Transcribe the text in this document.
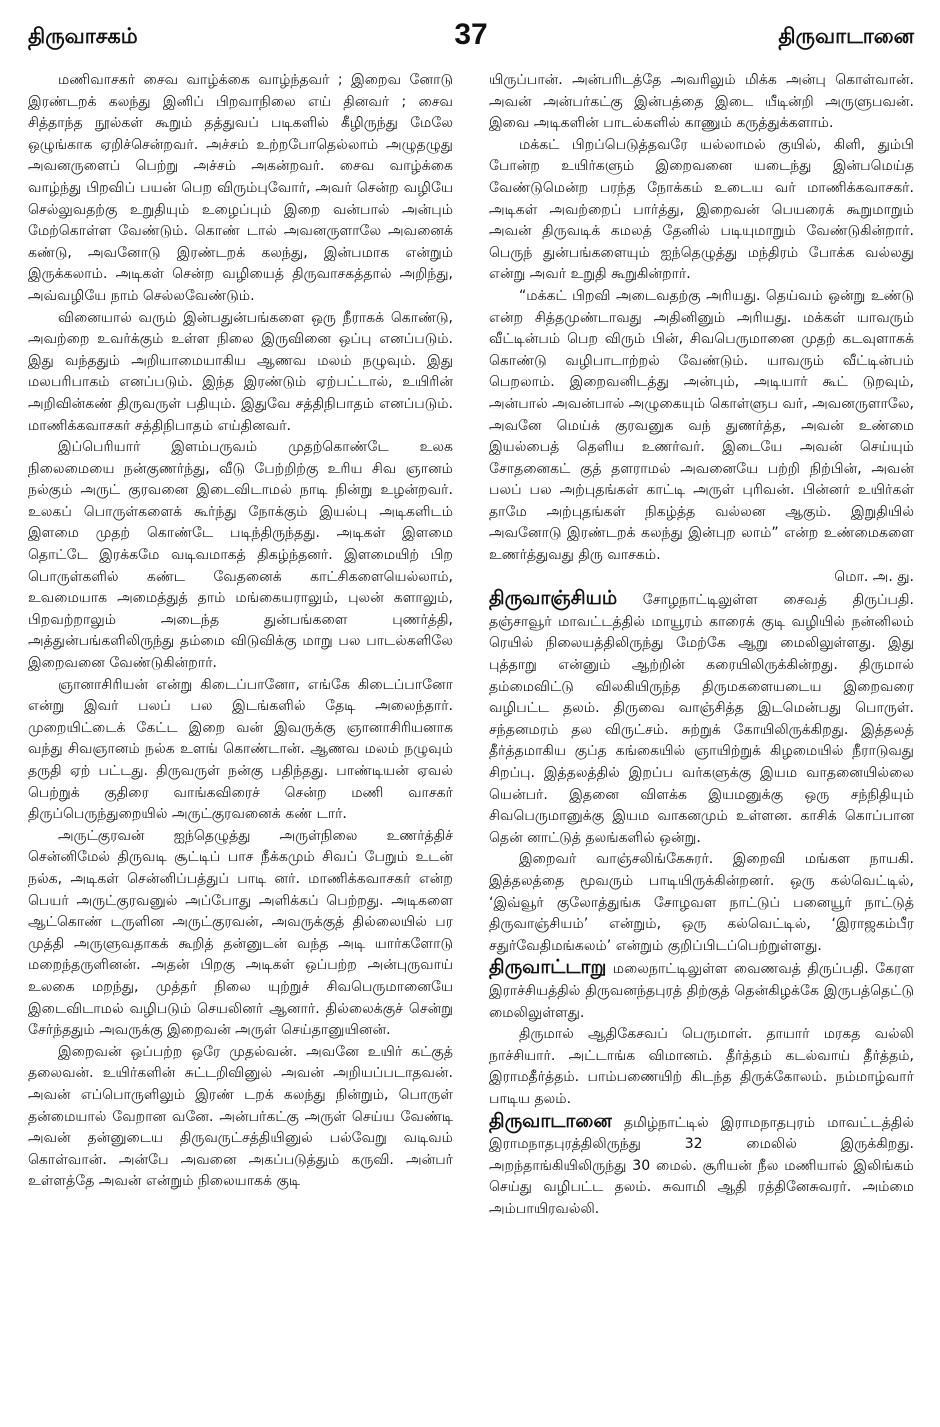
திருவாசகம்	37	திருவாடானை

மணிவாசகர் சைவ வாழ்க்கை வாழ்ந்தவர் ; இறைவ னோடு இரண்டறக் கலந்து இனிப் பிறவாநிலை எய் தினவர் ; சைவ சித்தாந்த நூல்கள் கூறும் தத்துவப் படிகளில் கீழிருந்து மேலே ஒழுங்காக ஏறிச்சென்றவர். அச்சம் உற்றபோதெல்லாம் அழுதழுது அவனருளைப் பெற்று அச்சம் அகன்றவர். சைவ வாழ்க்கை வாழ்ந்து பிறவிப் பயன் பெற விரும்புவோர், அவர் சென்ற வழியே செல்லுவதற்கு உறுதியும் உழைப்பும் இறை வன்பால் அன்பும் மேற்கொள்ள வேண்டும். கொண் டால் அவனருளாலே அவனைக் கண்டு, அவனோடு இரண்டறக் கலந்து, இன்பமாக என்றும் இருக்கலாம். அடிகள் சென்ற வழியைத் திருவாசகத்தால் அறிந்து, அவ்வழியே நாம் செல்லவேண்டும்.

வினையால் வரும் இன்பதுன்பங்களை ஒரு நீராகக் கொண்டு, அவற்றை உவர்க்கும் உள்ள நிலை இருவினை ஒப்பு எனப்படும். இது வந்ததும் அறியாமையாகிய ஆணவ மலம் நழுவும். இது மலபரிபாகம் எனப்படும். இந்த இரண்டும் ஏற்பட்டால், உயிரின் அறிவின்கண் திருவருள் பதியும். இதுவே சத்திநிபாதம் எனப்படும். மாணிக்கவாசகர் சத்திநிபாதம் எய்தினவர்.

இப்பெரியார் இளம்பருவம் முதற்கொண்டே உலக நிலைமையை நன்குணர்ந்து, வீடு பேற்றிற்கு உரிய சிவ ஞானம் நல்கும் அருட் குரவனை இடைவிடாமல் நாடி நின்று உழன்றவர். உலகப் பொருள்களைக் கூர்ந்து நோக்கும் இயல்பு அடிகளிடம் இளமை முதற் கொண்டே படிந்திருந்தது. அடிகள் இளமை தொட்டே இரக்கமே வடிவமாகத் திகழ்ந்தனர். இளமையிற் பிற பொருள்களில் கண்ட வேதனைக் காட்சிகளையெல்லாம், உவமையாக அமைத்துத் தாம் மங்கையராலும், புலன் களாலும், பிறவற்றாலும் அடைந்த துன்பங்களை புணர்த்தி, அத்துன்பங்களிலிருந்து தம்மை விடுவிக்கு மாறு பல பாடல்களிலே இறைவனை வேண்டுகின்றார்.

ஞானாசிரியன் என்று கிடைப்பானோ, எங்கே கிடைப்பானோ என்று இவர் பலப் பல இடங்களில் தேடி அலைந்தார். முறையிட்டைக் கேட்ட இறை வன் இவருக்கு ஞானாசிரியனாக வந்து சிவஞானம் நல்க உளங் கொண்டான். ஆணவ மலம் நழுவும் தருதி ஏற் பட்டது. திருவருள் நன்கு பதிந்தது. பாண்டியன் ஏவல் பெற்றுக் குதிரை வாங்கவிரைச் சென்ற மணி வாசகர் திருப்பெருந்துறையில் அருட்குரவனைக் கண் டார்.

அருட்குரவன் ஐந்தெழுத்து அருள்நிலை உணர்த்திச் சென்னிமேல் திருவடி சூட்டிப் பாச நீக்கமும் சிவப் பேறும் உடன் நல்க, அடிகள் சென்னிப்பத்துப் பாடி னர். மாணிக்கவாசகர் என்ற பெயர் அருட்குரவனுல் அப்போது அளிக்கப் பெற்றது. அடிகளை ஆட்கொண் டருளின அருட்குரவன், அவருக்குத் தில்லையில் பர முத்தி அருளுவதாகக் கூறித் தன்னுடன் வந்த அடி யார்களோடு மறைந்தருளினன். அதன் பிறகு அடிகள் ஒப்பற்ற அன்புருவாய் உலகை மறந்து, முத்தர் நிலை யுற்றுச் சிவபெருமானையே இடைவிடாமல் வழிபடும் செயலினர் ஆனார். தில்லைக்குச் சென்று சேர்ந்ததும் அவருக்கு இறைவன் அருள் செய்தானுயினன்.

இறைவன் ஒப்பற்ற ஒரே முதல்வன். அவனே உயிர் கட்குத் தலைவன். உயிர்களின் சுட்டறிவினுல் அவன் அறியப்படாதவன். அவன் எப்பொருளிலும் இரண் டறக் கலந்து நின்றும், பொருள் தன்மையால் வேறான வனே. அன்பர்கட்கு அருள் செய்ய வேண்டி அவன் தன்னுடைய திருவருட்சத்தியினுல் பல்வேறு வடிவம் கொள்வான். அன்பே அவனை அகப்படுத்தும் கருவி. அன்பர் உள்ளத்தே அவன் என்றும் நிலையாகக் குடி

யிருப்பான். அன்பரிடத்தே அவரிலும் மிக்க அன்பு கொள்வான். அவன் அன்பர்கட்கு இன்பத்தை இடை யீடின்றி அருளுபவன். இவை அடிகளின் பாடல்களில் காணும் கருத்துக்களாம்.

மக்கட் பிறப்பெடுத்தவரே யல்லாமல் குயில், கிளி, தும்பி போன்ற உயிர்களும் இறைவனை யடைந்து இன்பமெய்த வேண்டுமென்ற பரந்த நோக்கம் உடைய வர் மாணிக்கவாசகர். அடிகள் அவற்றைப் பார்த்து, இறைவன் பெயரைக் கூறுமாறும் அவன் திருவடிக் கமலத் தேனில் படியுமாறும் வேண்டுகின்றார். பெருந் துன்பங்களையும் ஐந்தெழுத்து மந்திரம் போக்க வல்லது என்று அவர் உறுதி கூறுகின்றார்.

“மக்கட் பிறவி அடைவதற்கு அரியது. தெய்வம் ஒன்று உண்டு என்ற சித்தமுண்டாவது அதினினும் அரியது. மக்கள் யாவரும் வீட்டின்பம் பெற விரும் பின், சிவபெருமானை முதற் கடவுளாகக் கொண்டு வழிபாடாற்றல் வேண்டும். யாவரும் வீட்டின்பம் பெறலாம். இறைவனிடத்து அன்பும், அடியார் கூட் டுறவும், அன்பால் அவன்பால் அழுகையும் கொள்ளுப வர், அவனருளாலே, அவனே மெய்க் குரவனுக வந் துணர்த்த, அவன் உண்மை இயல்பைத் தெளிய உணர்வர். இடையே அவன் செய்யும் சோதனைகட் குத் தளராமல் அவனையே பற்றி நிற்பின், அவன் பலப் பல அற்புதங்கள் காட்டி அருள் புரிவன். பின்னர் உயிர்கள் தாமே அற்புதங்கள் நிகழ்த்த வல்லன ஆகும். இறுதியில் அவனோடு இரண்டறக் கலந்து இன்புற லாம்” என்ற உண்மைகளை உணர்த்துவது திரு வாசகம்.

மொ. அ. து.

திருவாஞ்சியம் சோழநாட்டிலுள்ள சைவத் திருப்பதி. தஞ்சாவூர் மாவட்டத்தில் மாயூரம் காரைக் குடி வழியில் நன்னிலம் ரெயில் நிலையத்திலிருந்து மேற்கே ஆறு மைலிலுள்ளது. இது புத்தாறு என்னும் ஆற்றின் கரையிலிருக்கின்றது. திருமால் தம்மைவிட்டு விலகியிருந்த திருமகளையடைய இறைவரை வழிபட்ட தலம். திருவை வாஞ்சித்த இடமென்பது பொருள். சந்தனமரம் தல விருட்சம். சுற்றுக் கோயிலிருக்கிறது. இத்தலத் தீர்த்தமாகிய குப்த கங்கையில் ஞாயிற்றுக் கிழமையில் நீராடுவது சிறப்பு. இத்தலத்தில் இறப்ப வர்களுக்கு இயம வாதனையில்லை யென்பர். இதனை விளக்க இயமனுக்கு ஒரு சந்நிதியும் சிவபெருமானுக்கு இயம வாகனமும் உள்ளன. காசிக் கொப்பான தென் னாட்டுத் தலங்களில் ஒன்று.

இறைவர் வாஞ்சலிங்கேசுரர். இறைவி மங்கள நாயகி. இத்தலத்தை மூவரும் பாடியிருக்கின்றனர். ஒரு கல்வெட்டில், ‘இவ்வூர் குலோத்துங்க சோழவள நாட்டுப் பனையூர் நாட்டுத் திருவாஞ்சியம்’ என்றும், ஒரு கல்வெட்டில், ‘இராஜகம்பீர சதுர்வேதிமங்கலம்’ என்றும் குறிப்பிடப்பெற்றுள்ளது.

திருவாட்டாறு மலைநாட்டிலுள்ள வைணவத் திருப்பதி. கேரள இராச்சியத்தில் திருவனந்தபுரத் திற்குத் தென்கிழக்கே இருபத்தெட்டு மைலிலுள்ளது.

திருமால் ஆதிகேசவப் பெருமாள். தாயார் மரகத வல்லி நாச்சியார். அட்டாங்க விமானம். தீர்த்தம் கடல்வாய் தீர்த்தம், இராமதீர்த்தம். பாம்பணையிற் கிடந்த திருக்கோலம். நம்மாழ்வார் பாடிய தலம்.

திருவாடானை தமிழ்நாட்டில் இராமநாதபுரம் மாவட்டத்தில் இராமநாதபுரத்திலிருந்து 32 மைலில் இருக்கிறது. அறந்தாங்கியிலிருந்து 30 மைல். சூரியன் நீல மணியால் இலிங்கம் செய்து வழிபட்ட தலம். சுவாமி ஆதி ரத்தினேசுவரர். அம்மை அம்பாயிரவல்லி.
